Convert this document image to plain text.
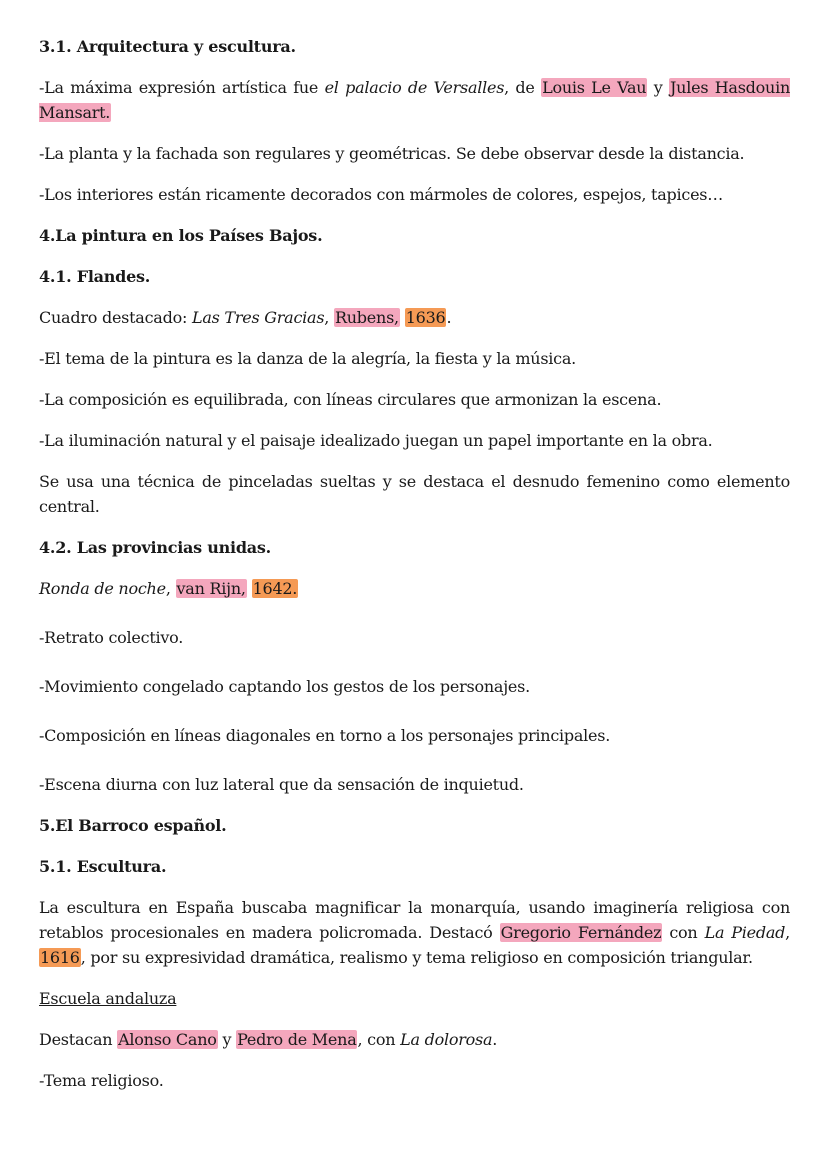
3.1. Arquitectura y escultura.
-La máxima expresión artística fue el palacio de Versalles, de Louis Le Vau y Jules Hasdouin Mansart.
-La planta y la fachada son regulares y geométricas. Se debe observar desde la distancia.
-Los interiores están ricamente decorados con mármoles de colores, espejos, tapices…
4.La pintura en los Países Bajos.
4.1. Flandes.
Cuadro destacado: Las Tres Gracias, Rubens, 1636.
-El tema de la pintura es la danza de la alegría, la fiesta y la música.
-La composición es equilibrada, con líneas circulares que armonizan la escena.
-La iluminación natural y el paisaje idealizado juegan un papel importante en la obra.
Se usa una técnica de pinceladas sueltas y se destaca el desnudo femenino como elemento central.
4.2. Las provincias unidas.
Ronda de noche, van Rijn, 1642.
-Retrato colectivo.
-Movimiento congelado captando los gestos de los personajes.
-Composición en líneas diagonales en torno a los personajes principales.
-Escena diurna con luz lateral que da sensación de inquietud.
5.El Barroco español.
5.1. Escultura.
La escultura en España buscaba magnificar la monarquía, usando imaginería religiosa con retablos procesionales en madera policromada. Destacó Gregorio Fernández con La Piedad, 1616, por su expresividad dramática, realismo y tema religioso en composición triangular.
Escuela andaluza
Destacan Alonso Cano y Pedro de Mena, con La dolorosa.
-Tema religioso.
